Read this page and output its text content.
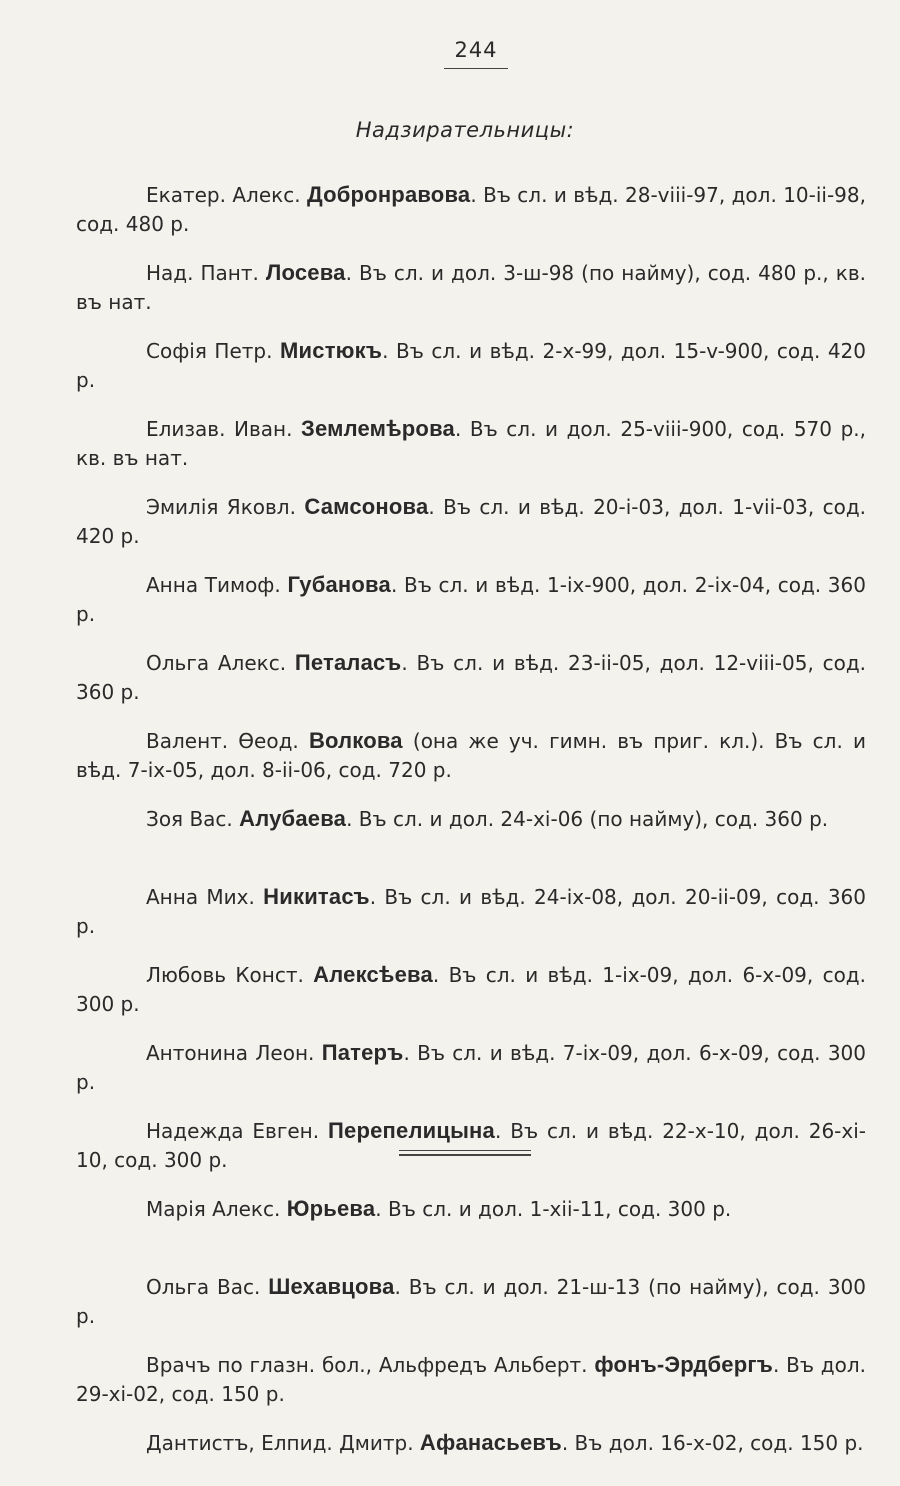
244
Надзирательницы:

Екатер. Алекс. Добронравова. Въ сл. и вѣд. 28-viii-97, дол. 10-ii-98, сод. 480 р.

Над. Пант. Лосева. Въ сл. и дол. 3-ш-98 (по найму), сод. 480 р., кв. въ нат.

Софія Петр. Мистюкъ. Въ сл. и вѣд. 2-х-99, дол. 15-v-900, сод. 420 р.

Елизав. Иван. Землемѣрова. Въ сл. и дол. 25-viii-900, сод. 570 р., кв. въ нат.

Эмилія Яковл. Самсонова. Въ сл. и вѣд. 20-i-03, дол. 1-vii-03, сод. 420 р.

Анна Тимоф. Губанова. Въ сл. и вѣд. 1-ix-900, дол. 2-ix-04, сод. 360 р.

Ольга Алекс. Петаласъ. Въ сл. и вѣд. 23-ii-05, дол. 12-viii-05, сод. 360 р.

Валент. Ѳеод. Волкова (она же уч. гимн. въ приг. кл.). Въ сл. и вѣд. 7-ix-05, дол. 8-ii-06, сод. 720 р.

Зоя Вас. Алубаева. Въ сл. и дол. 24-xi-06 (по найму), сод. 360 р.

Анна Мих. Никитасъ. Въ сл. и вѣд. 24-ix-08, дол. 20-ii-09, сод. 360 р.

Любовь Конст. Алексѣева. Въ сл. и вѣд. 1-ix-09, дол. 6-х-09, сод. 300 р.

Антонина Леон. Патеръ. Въ сл. и вѣд. 7-ix-09, дол. 6-х-09, сод. 300 р.

Надежда Евген. Перепелицына. Въ сл. и вѣд. 22-х-10, дол. 26-xi-10, сод. 300 р.

Марія Алекс. Юрьева. Въ сл. и дол. 1-xii-11, сод. 300 р.

Ольга Вас. Шехавцова. Въ сл. и дол. 21-ш-13 (по найму), сод. 300 р.

Врачъ по глазн. бол., Альфредъ Альберт. фонъ-Эрдбергъ. Въ дол. 29-xi-02, сод. 150 р.

Дантистъ, Елпид. Дмитр. Афанасьевъ. Въ дол. 16-х-02, сод. 150 р.
